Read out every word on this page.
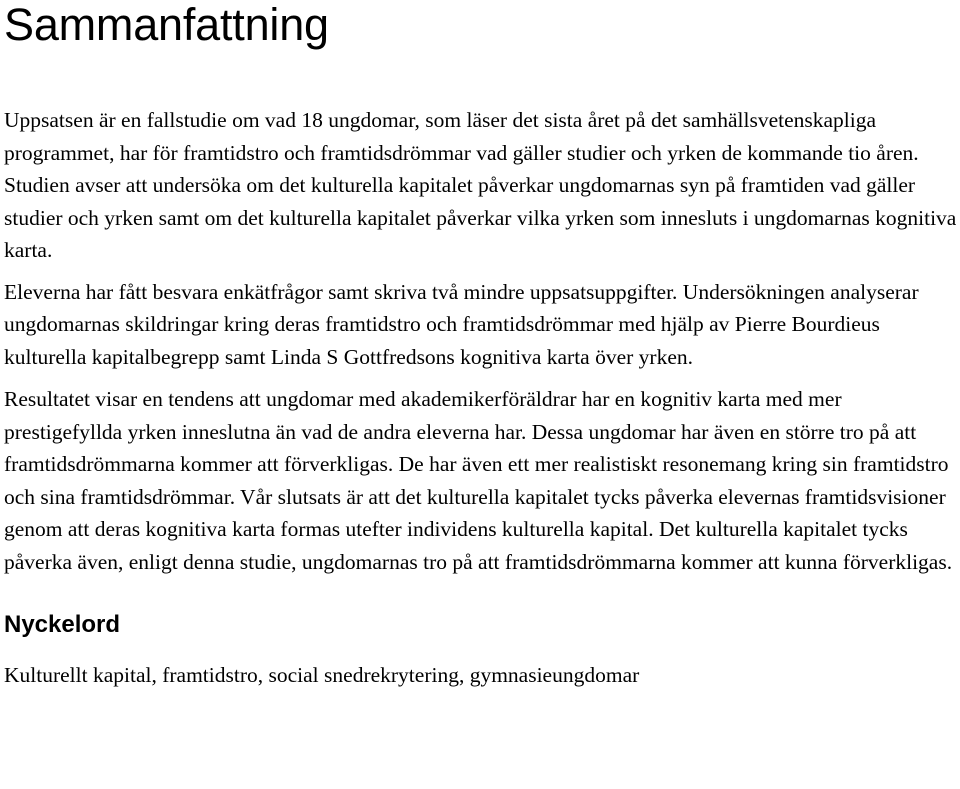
Sammanfattning

Uppsatsen är en fallstudie om vad 18 ungdomar, som läser det sista året på det samhällsvetenskapliga programmet, har för framtidstro och framtidsdrömmar vad gäller studier och yrken de kommande tio åren. Studien avser att undersöka om det kulturella kapitalet påverkar ungdomarnas syn på framtiden vad gäller studier och yrken samt om det kulturella kapitalet påverkar vilka yrken som innesluts i ungdomarnas kognitiva karta.

Eleverna har fått besvara enkätfrågor samt skriva två mindre uppsatsuppgifter. Undersökningen analyserar ungdomarnas skildringar kring deras framtidstro och framtidsdrömmar med hjälp av Pierre Bourdieus kulturella kapitalbegrepp samt Linda S Gottfredsons kognitiva karta över yrken.

Resultatet visar en tendens att ungdomar med akademikerföräldrar har en kognitiv karta med mer prestigefyllda yrken inneslutna än vad de andra eleverna har. Dessa ungdomar har även en större tro på att framtidsdrömmarna kommer att förverkligas. De har även ett mer realistiskt resonemang kring sin framtidstro och sina framtidsdrömmar. Vår slutsats är att det kulturella kapitalet tycks påverka elevernas framtidsvisioner genom att deras kognitiva karta formas utefter individens kulturella kapital. Det kulturella kapitalet tycks påverka även, enligt denna studie, ungdomarnas tro på att framtidsdrömmarna kommer att kunna förverkligas.

Nyckelord

Kulturellt kapital, framtidstro, social snedrekrytering, gymnasieungdomar
